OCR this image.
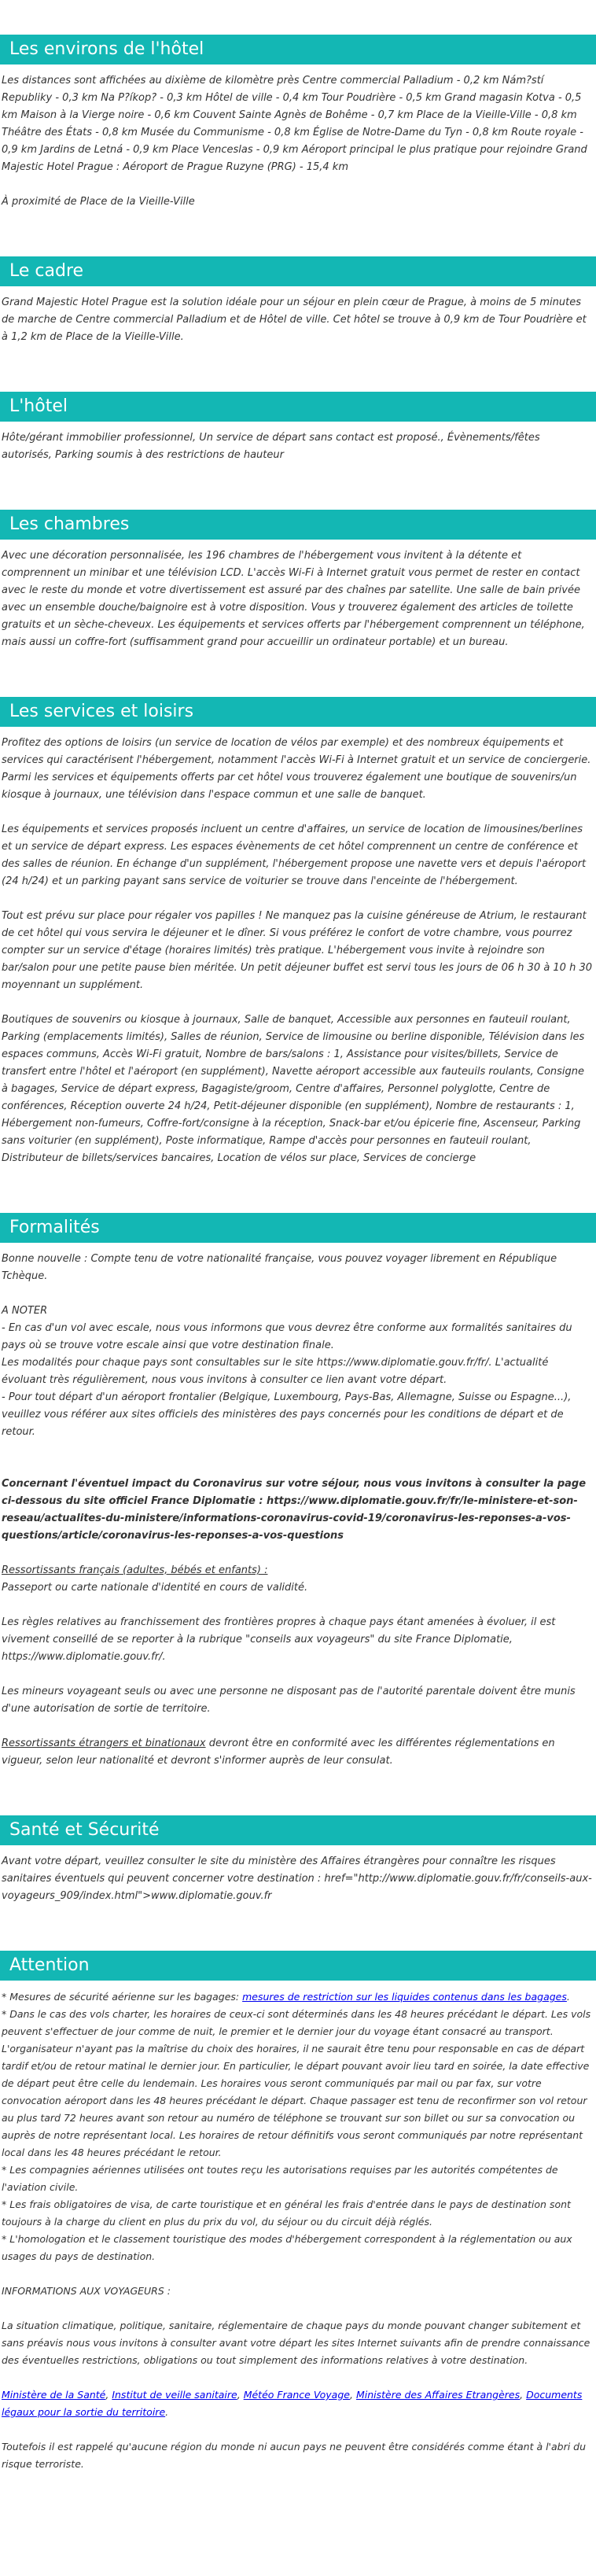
Les environs de l'hôtel

Les distances sont affichées au dixième de kilomètre près Centre commercial Palladium - 0,2 km Nám?stí Republiky - 0,3 km Na P?íkop? - 0,3 km Hôtel de ville - 0,4 km Tour Poudrière - 0,5 km Grand magasin Kotva - 0,5 km Maison à la Vierge noire - 0,6 km Couvent Sainte Agnès de Bohême - 0,7 km Place de la Vieille-Ville - 0,8 km Théâtre des États - 0,8 km Musée du Communisme - 0,8 km Église de Notre-Dame du Tyn - 0,8 km Route royale - 0,9 km Jardins de Letná - 0,9 km Place Venceslas - 0,9 km Aéroport principal le plus pratique pour rejoindre Grand Majestic Hotel Prague : Aéroport de Prague Ruzyne (PRG) - 15,4 km

À proximité de Place de la Vieille-Ville

Le cadre

Grand Majestic Hotel Prague est la solution idéale pour un séjour en plein cœur de Prague, à moins de 5 minutes de marche de Centre commercial Palladium et de Hôtel de ville. Cet hôtel se trouve à 0,9 km de Tour Poudrière et à 1,2 km de Place de la Vieille-Ville.

L'hôtel

Hôte/gérant immobilier professionnel, Un service de départ sans contact est proposé., Évènements/fêtes autorisés, Parking soumis à des restrictions de hauteur

Les chambres

Avec une décoration personnalisée, les 196 chambres de l'hébergement vous invitent à la détente et comprennent un minibar et une télévision LCD. L'accès Wi-Fi à Internet gratuit vous permet de rester en contact avec le reste du monde et votre divertissement est assuré par des chaînes par satellite. Une salle de bain privée avec un ensemble douche/baignoire est à votre disposition. Vous y trouverez également des articles de toilette gratuits et un sèche-cheveux. Les équipements et services offerts par l'hébergement comprennent un téléphone, mais aussi un coffre-fort (suffisamment grand pour accueillir un ordinateur portable) et un bureau.

Les services et loisirs

Profitez des options de loisirs (un service de location de vélos par exemple) et des nombreux équipements et services qui caractérisent l'hébergement, notamment l'accès Wi-Fi à Internet gratuit et un service de conciergerie. Parmi les services et équipements offerts par cet hôtel vous trouverez également une boutique de souvenirs/un kiosque à journaux, une télévision dans l'espace commun et une salle de banquet.

Les équipements et services proposés incluent un centre d'affaires, un service de location de limousines/berlines et un service de départ express. Les espaces évènements de cet hôtel comprennent un centre de conférence et des salles de réunion. En échange d'un supplément, l'hébergement propose une navette vers et depuis l'aéroport (24 h/24) et un parking payant sans service de voiturier se trouve dans l'enceinte de l'hébergement.

Tout est prévu sur place pour régaler vos papilles ! Ne manquez pas la cuisine généreuse de Atrium, le restaurant de cet hôtel qui vous servira le déjeuner et le dîner. Si vous préférez le confort de votre chambre, vous pourrez compter sur un service d'étage (horaires limités) très pratique. L'hébergement vous invite à rejoindre son bar/salon pour une petite pause bien méritée. Un petit déjeuner buffet est servi tous les jours de 06 h 30 à 10 h 30 moyennant un supplément.

Boutiques de souvenirs ou kiosque à journaux, Salle de banquet, Accessible aux personnes en fauteuil roulant, Parking (emplacements limités), Salles de réunion, Service de limousine ou berline disponible, Télévision dans les espaces communs, Accès Wi-Fi gratuit, Nombre de bars/salons : 1, Assistance pour visites/billets, Service de transfert entre l'hôtel et l'aéroport (en supplément), Navette aéroport accessible aux fauteuils roulants, Consigne à bagages, Service de départ express, Bagagiste/groom, Centre d'affaires, Personnel polyglotte, Centre de conférences, Réception ouverte 24 h/24, Petit-déjeuner disponible (en supplément), Nombre de restaurants : 1, Hébergement non-fumeurs, Coffre-fort/consigne à la réception, Snack-bar et/ou épicerie fine, Ascenseur, Parking sans voiturier (en supplément), Poste informatique, Rampe d'accès pour personnes en fauteuil roulant, Distributeur de billets/services bancaires, Location de vélos sur place, Services de concierge

Formalités

Bonne nouvelle : Compte tenu de votre nationalité française, vous pouvez voyager librement en République Tchèque.

A NOTER
- En cas d'un vol avec escale, nous vous informons que vous devrez être conforme aux formalités sanitaires du pays où se trouve votre escale ainsi que votre destination finale.
Les modalités pour chaque pays sont consultables sur le site https://www.diplomatie.gouv.fr/fr/. L'actualité évoluant très régulièrement, nous vous invitons à consulter ce lien avant votre départ.
- Pour tout départ d'un aéroport frontalier (Belgique, Luxembourg, Pays-Bas, Allemagne, Suisse ou Espagne...), veuillez vous référer aux sites officiels des ministères des pays concernés pour les conditions de départ et de retour.

Concernant l'éventuel impact du Coronavirus sur votre séjour, nous vous invitons à consulter la page ci-dessous du site officiel France Diplomatie : https://www.diplomatie.gouv.fr/fr/le-ministere-et-son-reseau/actualites-du-ministere/informations-coronavirus-covid-19/coronavirus-les-reponses-a-vos-questions/article/coronavirus-les-reponses-a-vos-questions

Ressortissants français (adultes, bébés et enfants) :
Passeport ou carte nationale d'identité en cours de validité.

Les règles relatives au franchissement des frontières propres à chaque pays étant amenées à évoluer, il est vivement conseillé de se reporter à la rubrique "conseils aux voyageurs" du site France Diplomatie, https://www.diplomatie.gouv.fr/.

Les mineurs voyageant seuls ou avec une personne ne disposant pas de l'autorité parentale doivent être munis d'une autorisation de sortie de territoire.

Ressortissants étrangers et binationaux devront être en conformité avec les différentes réglementations en vigueur, selon leur nationalité et devront s'informer auprès de leur consulat.

Santé et Sécurité

Avant votre départ, veuillez consulter le site du ministère des Affaires étrangères pour connaître les risques sanitaires éventuels qui peuvent concerner votre destination : href="http://www.diplomatie.gouv.fr/fr/conseils-aux-voyageurs_909/index.html">www.diplomatie.gouv.fr

Attention

* Mesures de sécurité aérienne sur les bagages: mesures de restriction sur les liquides contenus dans les bagages.
* Dans le cas des vols charter, les horaires de ceux-ci sont déterminés dans les 48 heures précédant le départ. Les vols peuvent s'effectuer de jour comme de nuit, le premier et le dernier jour du voyage étant consacré au transport. L'organisateur n'ayant pas la maîtrise du choix des horaires, il ne saurait être tenu pour responsable en cas de départ tardif et/ou de retour matinal le dernier jour. En particulier, le départ pouvant avoir lieu tard en soirée, la date effective de départ peut être celle du lendemain. Les horaires vous seront communiqués par mail ou par fax, sur votre convocation aéroport dans les 48 heures précédant le départ. Chaque passager est tenu de reconfirmer son vol retour au plus tard 72 heures avant son retour au numéro de téléphone se trouvant sur son billet ou sur sa convocation ou auprès de notre représentant local. Les horaires de retour définitifs vous seront communiqués par notre représentant local dans les 48 heures précédant le retour.
* Les compagnies aériennes utilisées ont toutes reçu les autorisations requises par les autorités compétentes de l'aviation civile.
* Les frais obligatoires de visa, de carte touristique et en général les frais d'entrée dans le pays de destination sont toujours à la charge du client en plus du prix du vol, du séjour ou du circuit déjà réglés.
* L'homologation et le classement touristique des modes d'hébergement correspondent à la réglementation ou aux usages du pays de destination.

INFORMATIONS AUX VOYAGEURS :

La situation climatique, politique, sanitaire, réglementaire de chaque pays du monde pouvant changer subitement et sans préavis nous vous invitons à consulter avant votre départ les sites Internet suivants afin de prendre connaissance des éventuelles restrictions, obligations ou tout simplement des informations relatives à votre destination.

Ministère de la Santé, Institut de veille sanitaire, Météo France Voyage, Ministère des Affaires Etrangères, Documents légaux pour la sortie du territoire.

Toutefois il est rappelé qu'aucune région du monde ni aucun pays ne peuvent être considérés comme étant à l'abri du risque terroriste.
